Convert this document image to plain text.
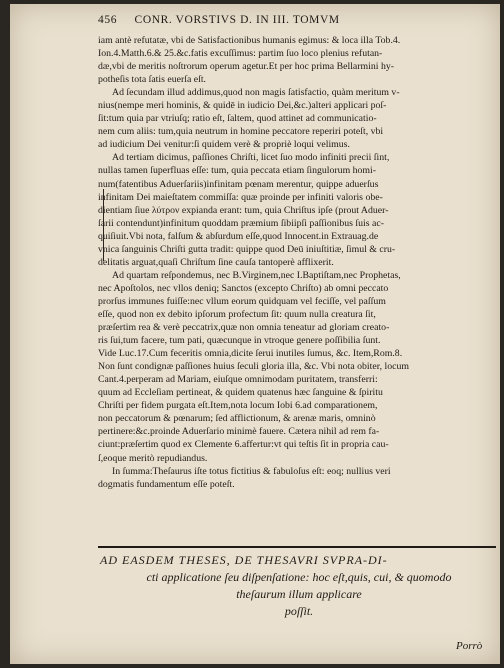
456 CONR. VORSTIVS D. IN III. TOMVM
iam antè refutatæ, vbi de Satisfactionibus humanis egimus: & loca illa Tob.4.
Ion.4.Matth.6.& 25.&c.fatis excuſſimus: partim ſuo loco plenius refutan-
dæ,vbi de meritis noſtrorum operum agetur.Et per hoc prima Bellarmini hy-
potheſis tota ſatis euerſa eſt.
Ad ſecundam illud addimus,quod non magis ſatisfactio, quàm meritum v-
nius(nempe meri hominis, & quidē in iudicio Dei,&c.)alteri applicari poſ-
ſit:tum quia par vtriuſq; ratio eſt, ſaltem, quod attinet ad communicatio-
nem cum aliis: tum,quia neutrum in homine peccatore reperiri poteſt, vbi
ad iudicium Dei venitur:ſi quidem verè & propriè loqui velimus.
Ad tertiam dicimus, paſſiones Chriſti, licet ſuo modo infiniti precii ſint,
nullas tamen ſuperfluas eſſe: tum, quia peccata etiam ſingulorum homi-
num(fatentibus Aduerſariis)infinitam pœnam merentur, quippe aduerſus
infinitam Dei maieſtatem commiſſa: quæ proinde per infiniti valoris obe-
dientiam ſiue λύτρον expianda erant: tum, quia Chriſtus ipſe (prout Aduer-
ſarii contendunt)infinitum quoddam præmium ſibiipſi paſſionibus ſuis ac-
quiſiuit.Vbi nota, falſum & abſurdum eſſe,quod Innocent.in Extrauag.de
vnica ſanguinis Chriſti gutta tradit: quippe quod Deū iniuſtitiæ, ſimul & cru-
delitatis arguat,quaſi Chriſtum ſine cauſa tantoperè afflixerit.
Ad quartam reſpondemus, nec B.Virginem,nec I.Baptiſtam,nec Prophetas,
nec Apoſtolos, nec vllos deniq; Sanctos (excepto Chriſto) ab omni peccato
prorſus immunes fuiſſe:nec vllum eorum quidquam vel feciſſe, vel paſſum
eſſe, quod non ex debito ipſorum profectum ſit: quum nulla creatura ſit,
præſertim rea & verè peccatrix,quæ non omnia teneatur ad gloriam creato-
ris ſui,tum facere, tum pati, quæcunque in vtroque genere poſſibilia ſunt.
Vide Luc.17.Cum feceritis omnia,dicite ſerui inutiles ſumus, &c. Item,Rom.8.
Non ſunt condignæ paſſiones huius ſeculi gloria illa, &c. Vbi nota obiter, locum
Cant.4.perperam ad Mariam, eiuſque omnimodam puritatem, transferri:
quum ad Eccleſiam pertineat, & quidem quatenus hæc ſanguine & ſpiritu
Chriſti per fidem purgata eſt.Item,nota locum Iobi 6.ad comparationem,
non peccatorum & pœnarum; ſed afflictionum, & arenæ maris, omninò
pertinere:&c.proinde Aduerſario minimè fauere. Cætera nihil ad rem fa-
ciunt:præſertim quod ex Clemente 6.affertur:vt qui teſtis ſit in propria cau-
ſ,eoque meritò repudiandus.
In ſumma:Theſaurus iſte totus fictitius & fabuloſus eſt: eoq; nullius veri
dogmatis fundamentum eſſe poteſt.
AD EASDEM THESES, DE THESAVRI SVPRA-DI-
cti applicatione ſeu diſpenſatione: hoc eſt,quis, cui, & quomodo
theſaurum illum applicare
poſſit.
Porrò
